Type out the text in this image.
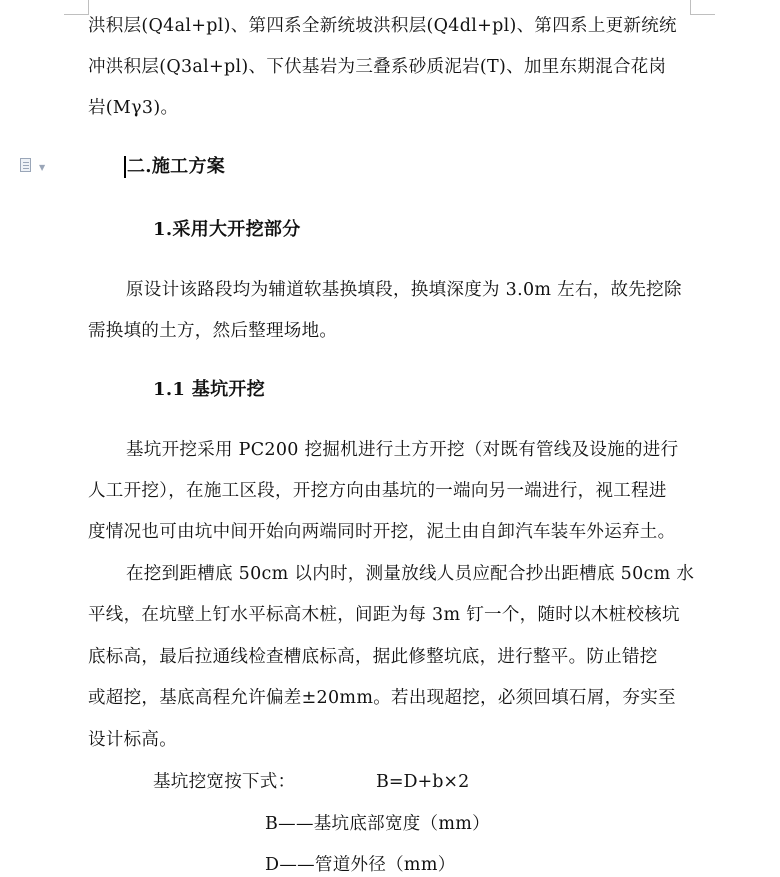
洪积层(Q4al+pl)、第四系全新统坡洪积层(Q4dl+pl)、第四系上更新统统
冲洪积层(Q3al+pl)、下伏基岩为三叠系砂质泥岩(T)、加里东期混合花岗
岩(Mγ3)。
▼	二.施工方案
1.采用大开挖部分
原设计该路段均为辅道软基换填段，换填深度为 3.0m 左右，故先挖除
需换填的土方，然后整理场地。
1.1 基坑开挖
基坑开挖采用 PC200 挖掘机进行土方开挖（对既有管线及设施的进行
人工开挖），在施工区段，开挖方向由基坑的一端向另一端进行，视工程进
度情况也可由坑中间开始向两端同时开挖，泥土由自卸汽车装车外运弃土。
在挖到距槽底 50cm 以内时，测量放线人员应配合抄出距槽底 50cm 水
平线，在坑壁上钉水平标高木桩，间距为每 3m 钉一个，随时以木桩校核坑
底标高，最后拉通线检查槽底标高，据此修整坑底，进行整平。防止错挖
或超挖，基底高程允许偏差±20mm。若出现超挖，必须回填石屑，夯实至
设计标高。
基坑挖宽按下式：	B=D+b×2
B——基坑底部宽度（mm）
D——管道外径（mm）
